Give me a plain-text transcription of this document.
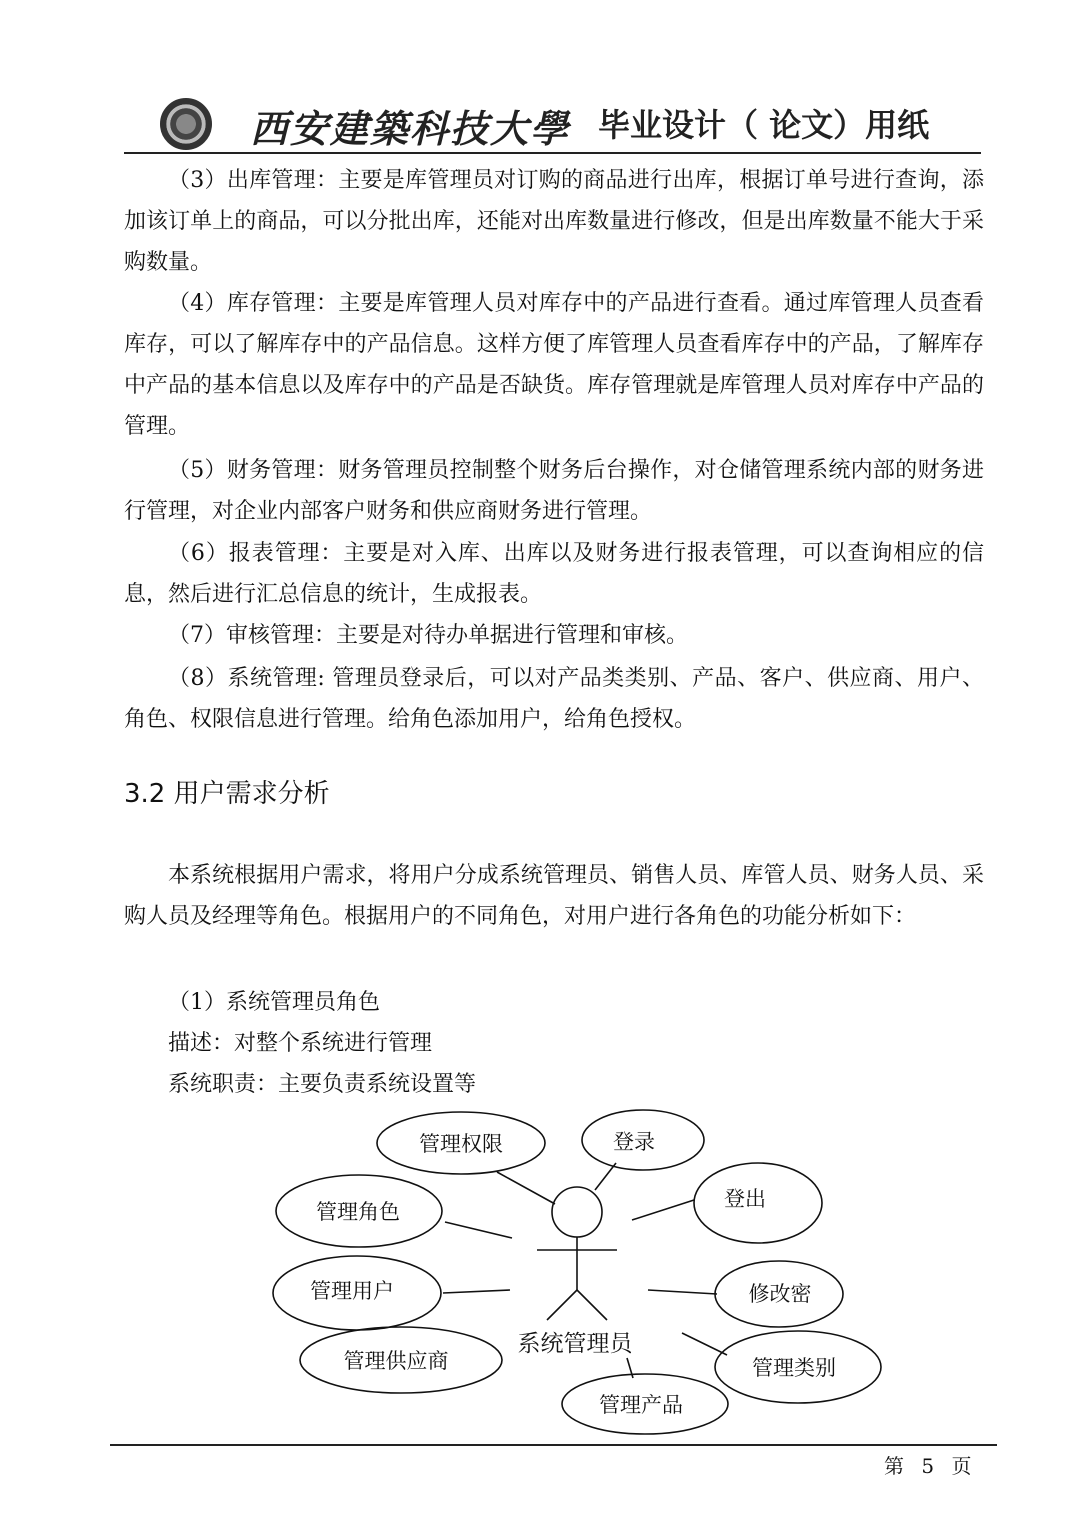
西安建築科技大學 毕业设计（ 论文）用纸

（3）出库管理：主要是库管理员对订购的商品进行出库，根据订单号进行查询，添加该订单上的商品，可以分批出库，还能对出库数量进行修改，但是出库数量不能大于采购数量。

（4）库存管理：主要是库管理人员对库存中的产品进行查看。通过库管理人员查看库存，可以了解库存中的产品信息。这样方便了库管理人员查看库存中的产品，了解库存中产品的基本信息以及库存中的产品是否缺货。库存管理就是库管理人员对库存中产品的管理。

（5）财务管理：财务管理员控制整个财务后台操作，对仓储管理系统内部的财务进行管理，对企业内部客户财务和供应商财务进行管理。

（6）报表管理：主要是对入库、出库以及财务进行报表管理，可以查询相应的信息，然后进行汇总信息的统计，生成报表。

（7）审核管理：主要是对待办单据进行管理和审核。

（8）系统管理: 管理员登录后，可以对产品类类别、产品、客户、供应商、用户、角色、权限信息进行管理。给角色添加用户，给角色授权。

3.2 用户需求分析

本系统根据用户需求，将用户分成系统管理员、销售人员、库管人员、财务人员、采购人员及经理等角色。根据用户的不同角色，对用户进行各角色的功能分析如下：

（1）系统管理员角色
描述：对整个系统进行管理
系统职责：主要负责系统设置等
管理权限	登录
登出
管理角色
管理用户	修改密
管理供应商	管理类别
管理产品
系统管理员
第 5 页
